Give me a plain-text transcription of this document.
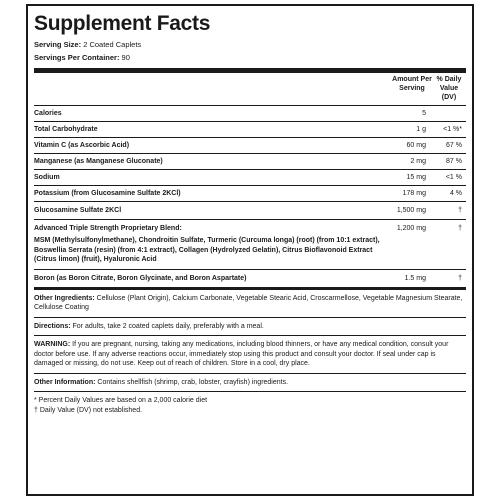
Supplement Facts
Serving Size: 2 Coated Caplets
Servings Per Container: 90
Amount Per Serving
% Daily Value (DV)
Calories	5
Total Carbohydrate	1 g	<1 %*
Vitamin C (as Ascorbic Acid)	60 mg	67 %
Manganese (as Manganese Gluconate)	2 mg	87 %
Sodium	15 mg	<1 %
Potassium (from Glucosamine Sulfate 2KCl)	178 mg	4 %
Glucosamine Sulfate 2KCl	1,500 mg	†
Advanced Triple Strength Proprietary Blend:
MSM (Methylsulfonylmethane), Chondroitin Sulfate, Turmeric (Curcuma longa) (root) (from 10:1 extract), Boswellia Serrata (resin) (from 4:1 extract), Collagen (Hydrolyzed Gelatin), Citrus Bioflavonoid Extract (Citrus limon) (fruit), Hyaluronic Acid
1,200 mg	†
Boron (as Boron Citrate, Boron Glycinate, and Boron Aspartate)	1.5 mg	†
Other Ingredients: Cellulose (Plant Origin), Calcium Carbonate, Vegetable Stearic Acid, Croscarmellose, Vegetable Magnesium Stearate, Cellulose Coating
Directions: For adults, take 2 coated caplets daily, preferably with a meal.
WARNING: If you are pregnant, nursing, taking any medications, including blood thinners, or have any medical condition, consult your doctor before use. If any adverse reactions occur, immediately stop using this product and consult your doctor. If seal under cap is damaged or missing, do not use. Keep out of reach of children. Store in a cool, dry place.
Other Information: Contains shellfish (shrimp, crab, lobster, crayfish) ingredients.
* Percent Daily Values are based on a 2,000 calorie diet
† Daily Value (DV) not established.
